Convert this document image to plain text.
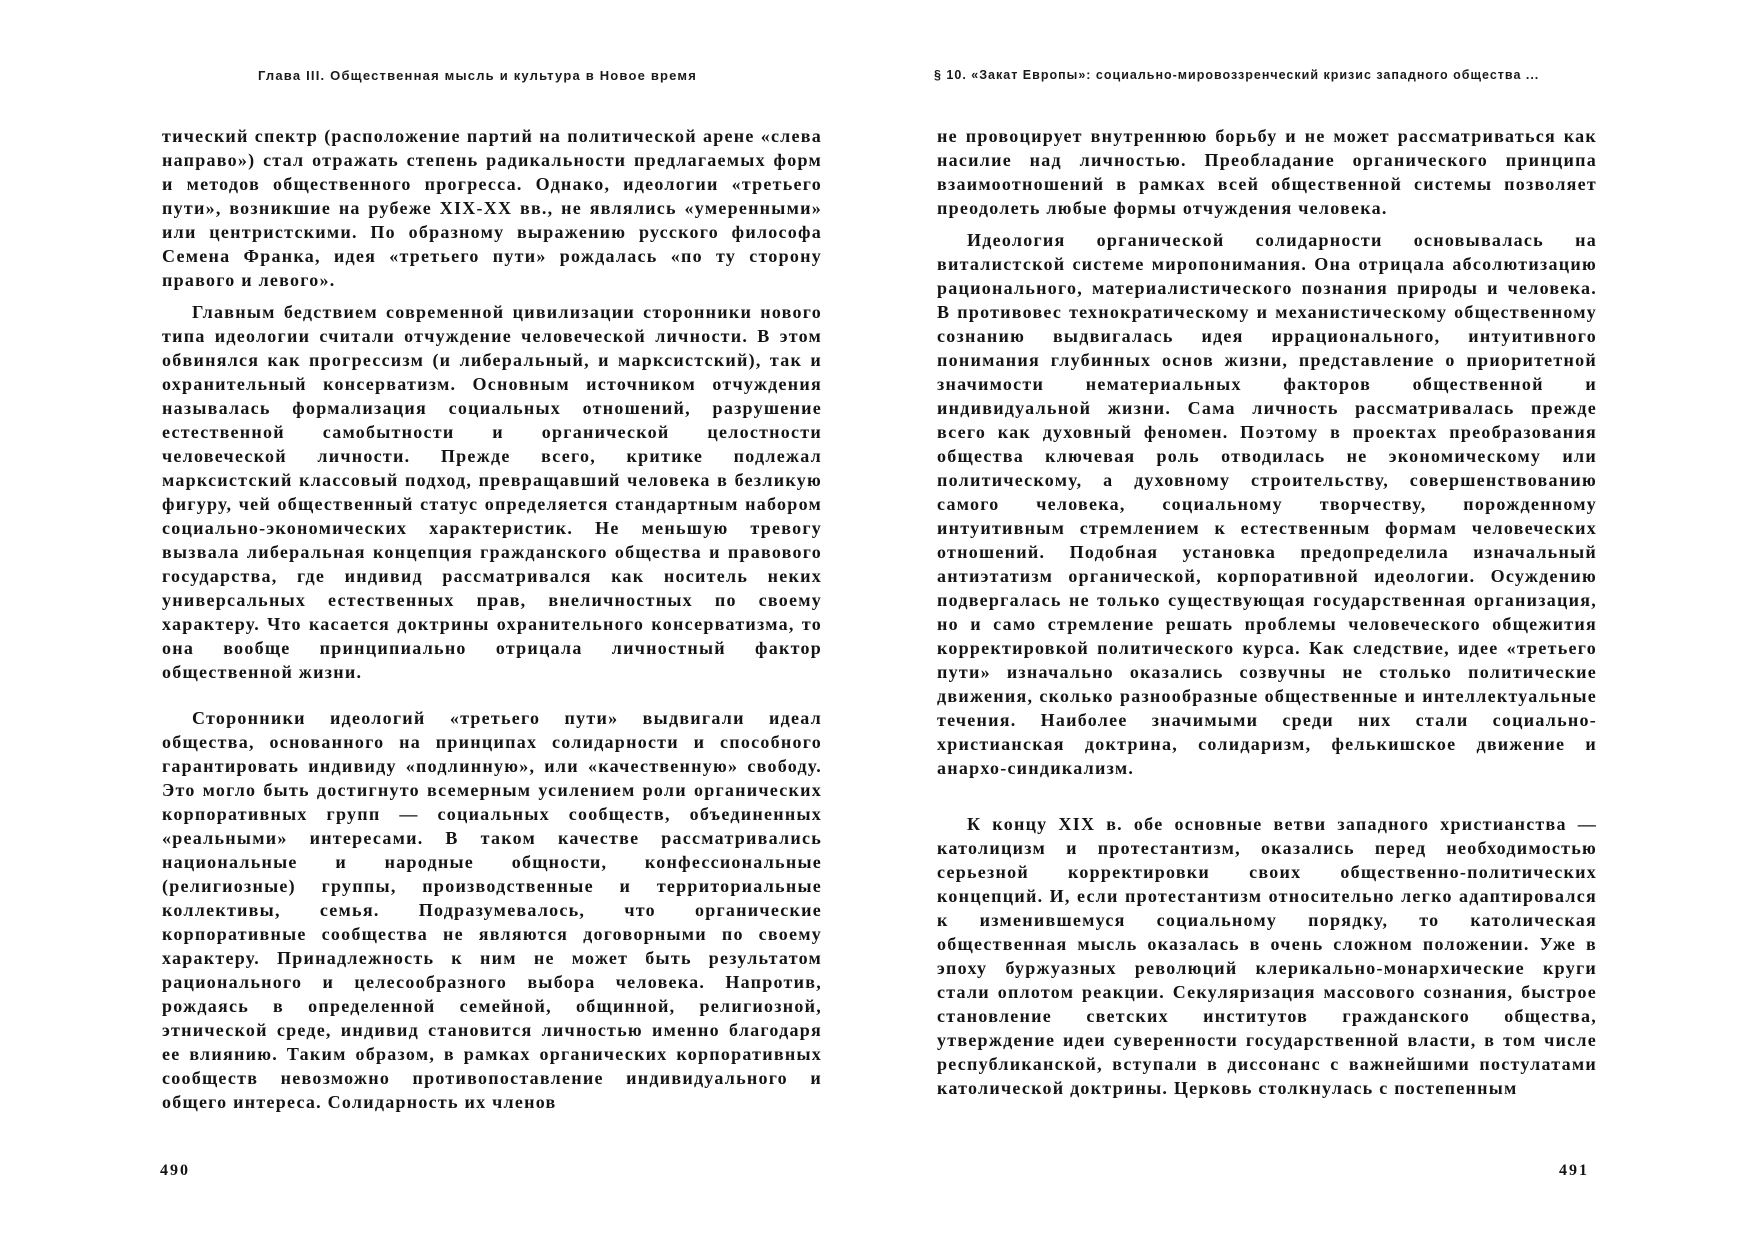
Глава III. Общественная мысль и культура в Новое время

тический спектр (расположение партий на политической арене «слева направо») стал отражать степень радикальности предлагаемых форм и методов общественного прогресса. Однако, идеологии «третьего пути», возникшие на рубеже XIX-XX вв., не являлись «умеренными» или центристскими. По образному выражению русского философа Семена Франка, идея «третьего пути» рождалась «по ту сторону правого и левого».

Главным бедствием современной цивилизации сторонники нового типа идеологии считали отчуждение человеческой личности. В этом обвинялся как прогрессизм (и либеральный, и марксистский), так и охранительный консерватизм. Основным источником отчуждения называлась формализация социальных отношений, разрушение естественной самобытности и органической целостности человеческой личности. Прежде всего, критике подлежал марксистский классовый подход, превращавший человека в безликую фигуру, чей общественный статус определяется стандартным набором социально-экономических характеристик. Не меньшую тревогу вызвала либеральная концепция гражданского общества и правового государства, где индивид рассматривался как носитель неких универсальных естественных прав, внеличностных по своему характеру. Что касается доктрины охранительного консерватизма, то она вообще принципиально отрицала личностный фактор общественной жизни.

Сторонники идеологий «третьего пути» выдвигали идеал общества, основанного на принципах солидарности и способного гарантировать индивиду «подлинную», или «качественную» свободу. Это могло быть достигнуто всемерным усилением роли органических корпоративных групп — социальных сообществ, объединенных «реальными» интересами. В таком качестве рассматривались национальные и народные общности, конфессиональные (религиозные) группы, производственные и территориальные коллективы, семья. Подразумевалось, что органические корпоративные сообщества не являются договорными по своему характеру. Принадлежность к ним не может быть результатом рационального и целесообразного выбора человека. Напротив, рождаясь в определенной семейной, общинной, религиозной, этнической среде, индивид становится личностью именно благодаря ее влиянию. Таким образом, в рамках органических корпоративных сообществ невозможно противопоставление индивидуального и общего интереса. Солидарность их членов

490
§ 10. «Закат Европы»: социально-мировоззренческий кризис западного общества ...

не провоцирует внутреннюю борьбу и не может рассматриваться как насилие над личностью. Преобладание органического принципа взаимоотношений в рамках всей общественной системы позволяет преодолеть любые формы отчуждения человека.

Идеология органической солидарности основывалась на виталистской системе миропонимания. Она отрицала абсолютизацию рационального, материалистического познания природы и человека. В противовес технократическому и механистическому общественному сознанию выдвигалась идея иррационального, интуитивного понимания глубинных основ жизни, представление о приоритетной значимости нематериальных факторов общественной и индивидуальной жизни. Сама личность рассматривалась прежде всего как духовный феномен. Поэтому в проектах преобразования общества ключевая роль отводилась не экономическому или политическому, а духовному строительству, совершенствованию самого человека, социальному творчеству, порожденному интуитивным стремлением к естественным формам человеческих отношений. Подобная установка предопределила изначальный антиэтатизм органической, корпоративной идеологии. Осуждению подвергалась не только существующая государственная организация, но и само стремление решать проблемы человеческого общежития корректировкой политического курса. Как следствие, идее «третьего пути» изначально оказались созвучны не столько политические движения, сколько разнообразные общественные и интеллектуальные течения. Наиболее значимыми среди них стали социально-христианская доктрина, солидаризм, фелькишское движение и анархо-синдикализм.

К концу XIX в. обе основные ветви западного христианства — католицизм и протестантизм, оказались перед необходимостью серьезной корректировки своих общественно-политических концепций. И, если протестантизм относительно легко адаптировался к изменившемуся социальному порядку, то католическая общественная мысль оказалась в очень сложном положении. Уже в эпоху буржуазных революций клерикально-монархические круги стали оплотом реакции. Секуляризация массового сознания, быстрое становление светских институтов гражданского общества, утверждение идеи суверенности государственной власти, в том числе республиканской, вступали в диссонанс с важнейшими постулатами католической доктрины. Церковь столкнулась с постепенным

491
